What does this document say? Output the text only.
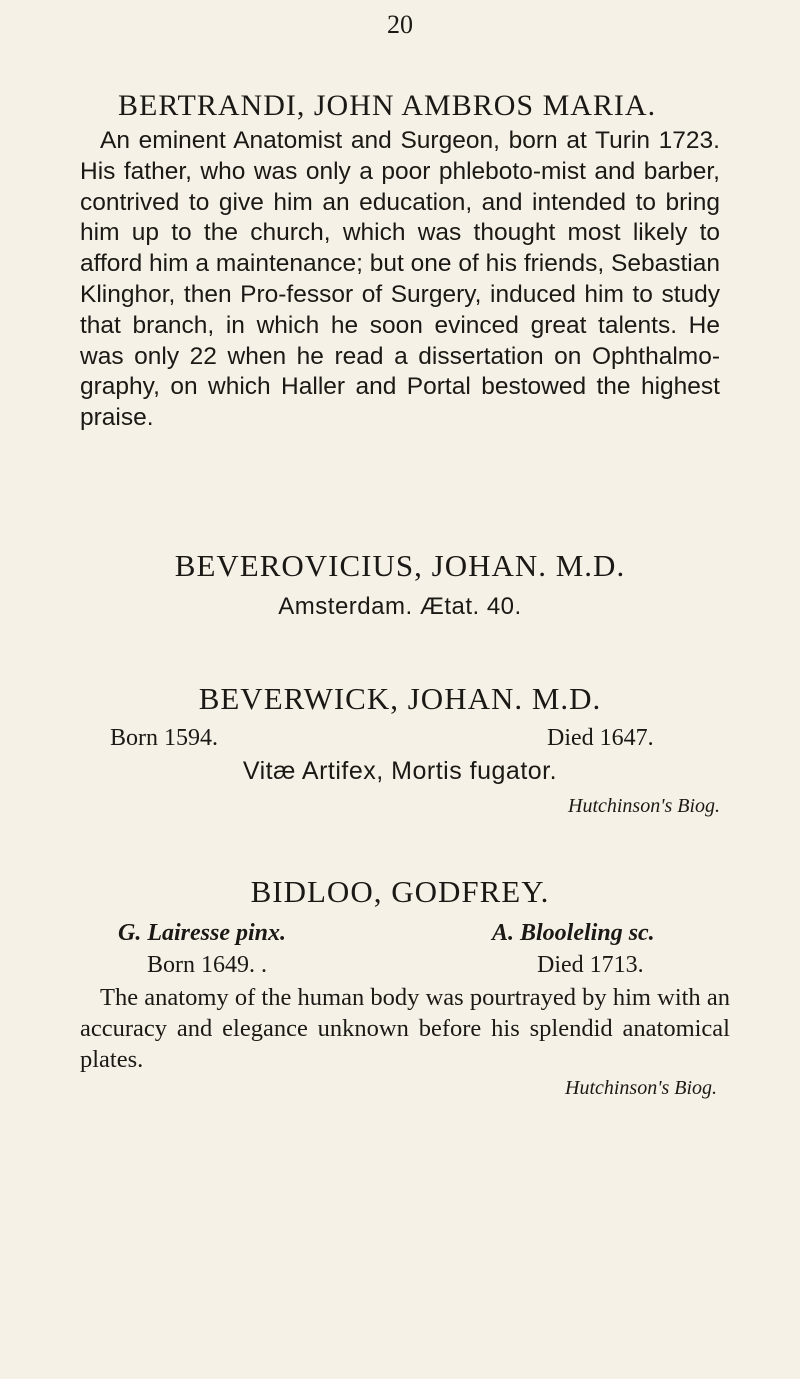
20
BERTRANDI, JOHN AMBROS MARIA.

An eminent Anatomist and Surgeon, born at Turin 1723. His father, who was only a poor phleboto-mist and barber, contrived to give him an education, and intended to bring him up to the church, which was thought most likely to afford him a maintenance; but one of his friends, Sebastian Klinghor, then Pro-fessor of Surgery, induced him to study that branch, in which he soon evinced great talents. He was only 22 when he read a dissertation on Ophthalmo-graphy, on which Haller and Portal bestowed the highest praise.

BEVEROVICIUS, JOHAN. M.D.
Amsterdam. Ætat. 40.
BEVERWICK, JOHAN. M.D.
Born 1594.	Died 1647.
Vitæ Artifex, Mortis fugator.
Hutchinson's Biog.
BIDLOO, GODFREY.
G. Lairesse pinx.	A. Blooleling sc.
Born 1649. .	Died 1713.

The anatomy of the human body was pourtrayed by him with an accuracy and elegance unknown before his splendid anatomical plates.

Hutchinson's Biog.
